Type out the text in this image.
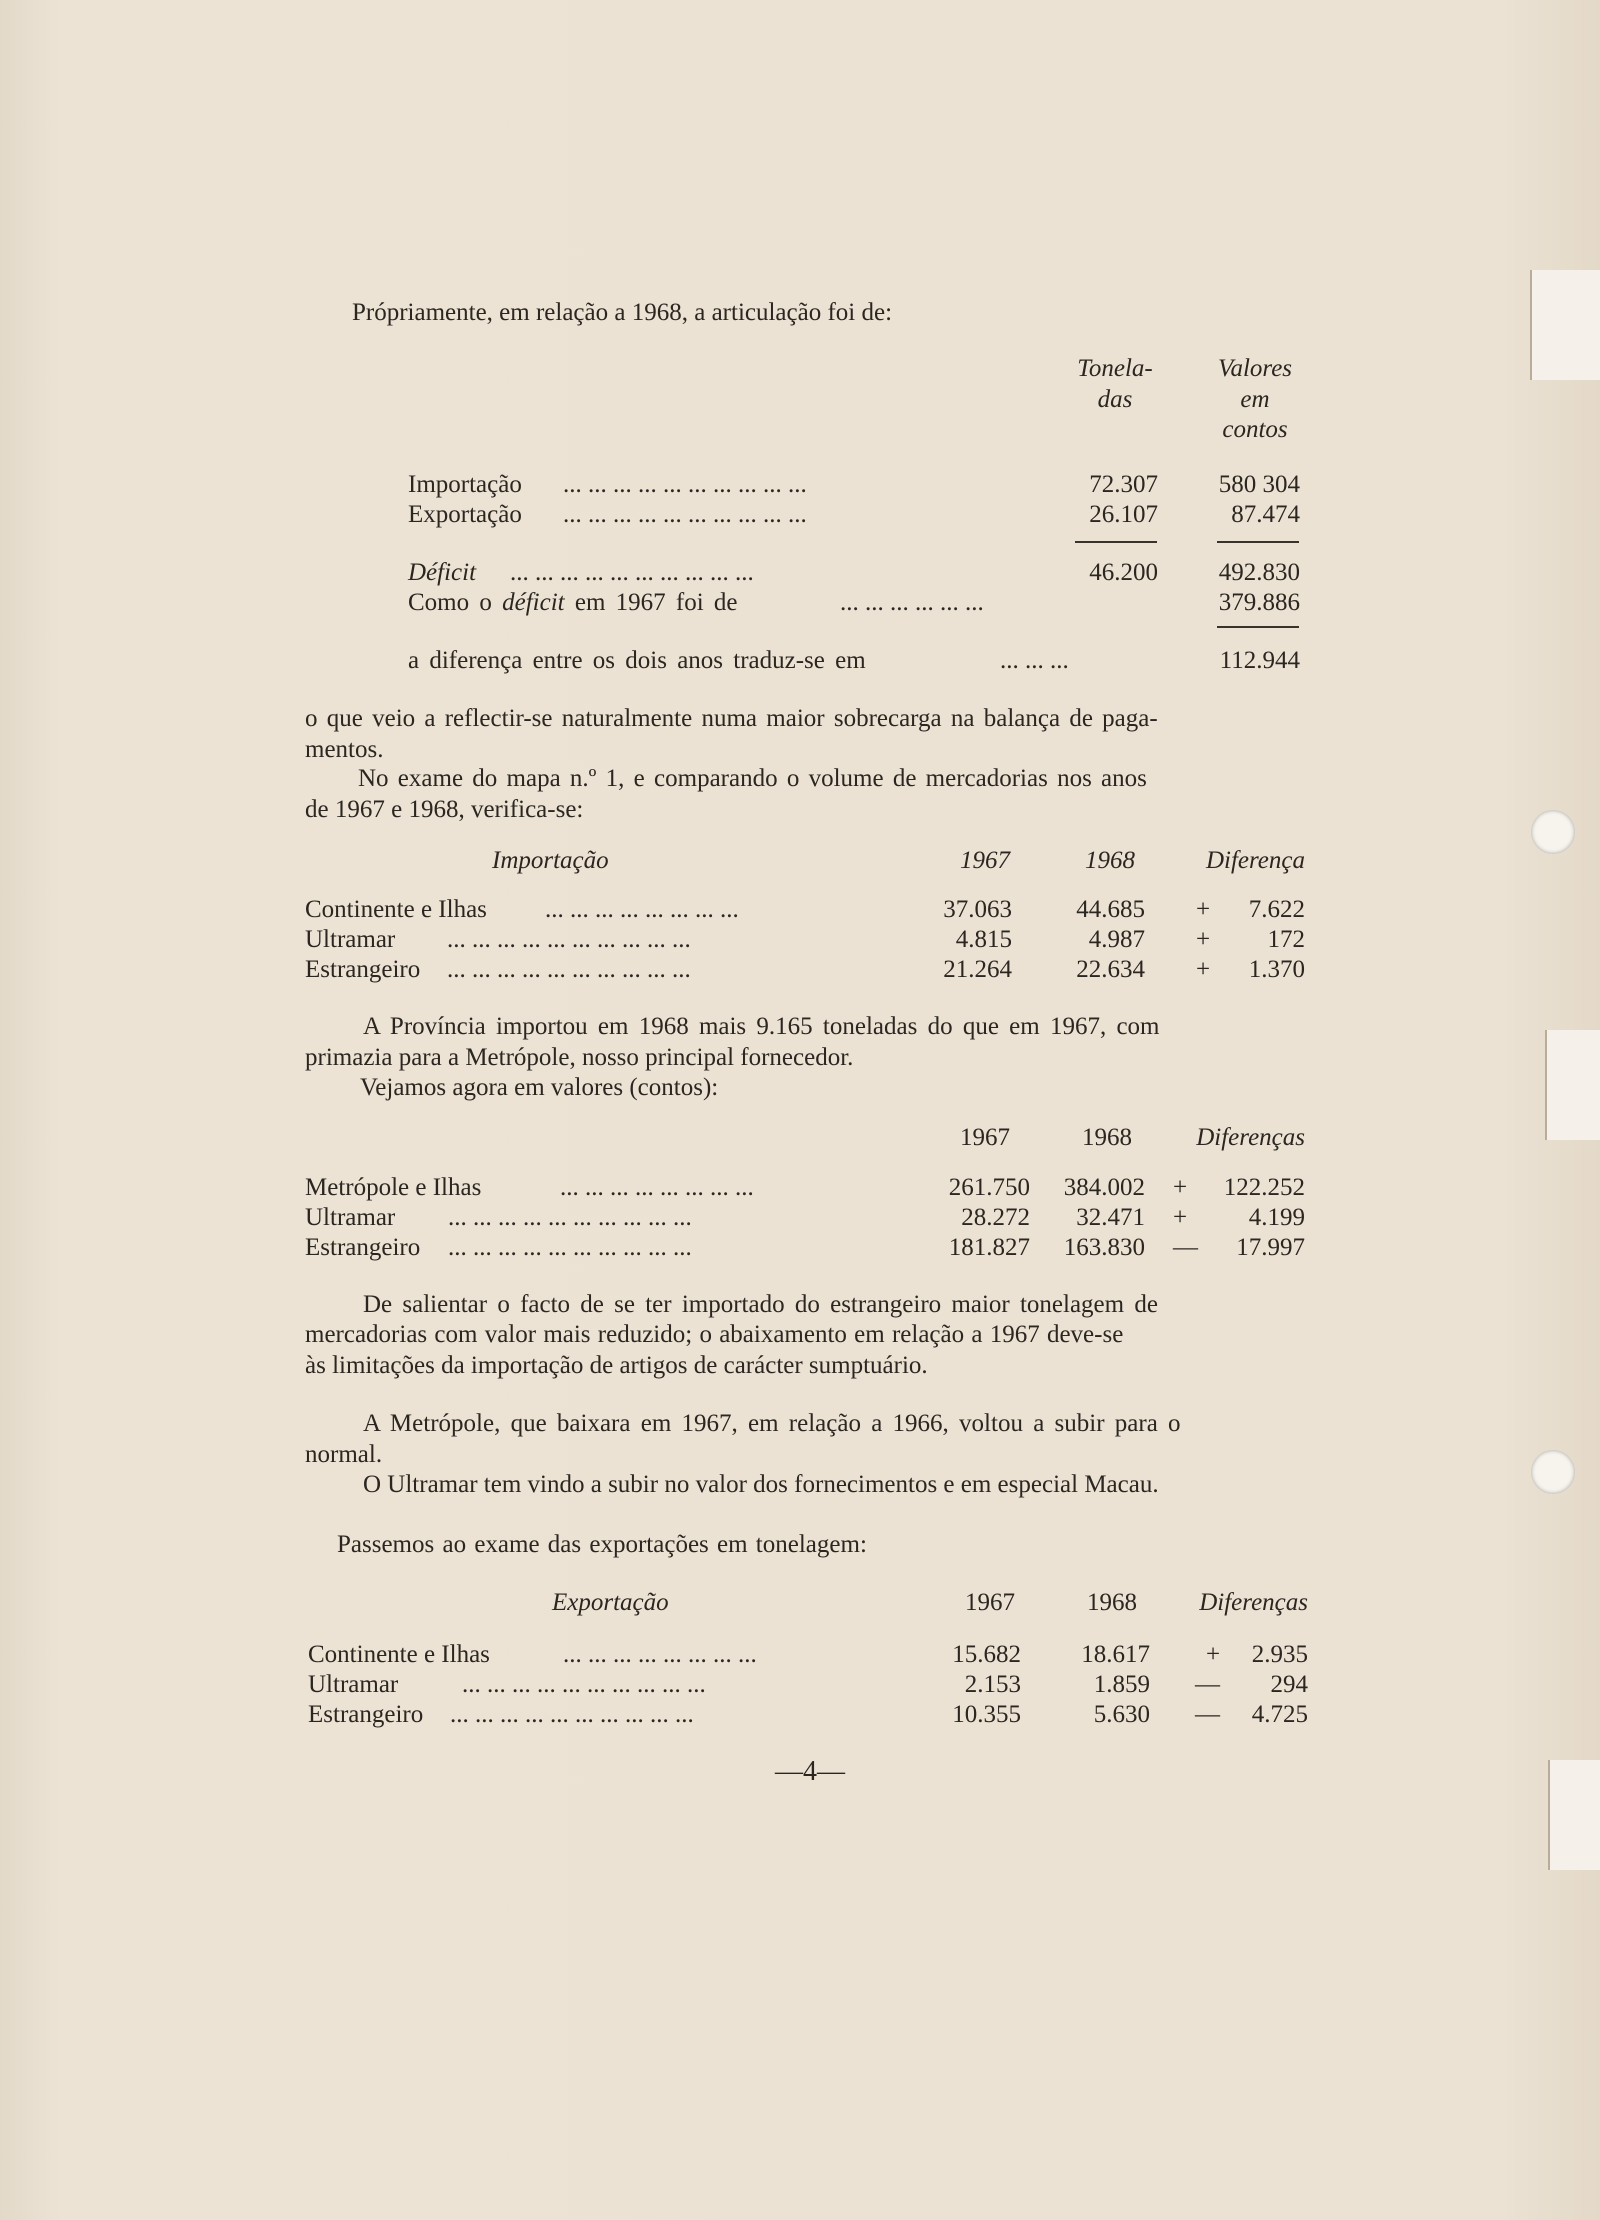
Própriamente, em relação a 1968, a articulação foi de:
Tonela-
das
Valores
em
contos
Importação ... ... ... ... ... ... ... ... ... ...	72.307	580 304
Exportação ... ... ... ... ... ... ... ... ... ...	26.107	87.474
Déficit ... ... ... ... ... ... ... ... ... ...	46.200	492.830
Como o déficit em 1967 foi de	... ... ... ... ... ...	379.886
a diferença entre os dois anos traduz-se em	... ... ...	112.944
o que veio a reflectir-se naturalmente numa maior sobrecarga na balança de paga-
mentos.
No exame do mapa n.º 1, e comparando o volume de mercadorias nos anos
de 1967 e 1968, verifica-se:
Importação	1967	1968	Diferença
Continente e Ilhas ... ... ... ... ... ... ... ...	37.063	44.685 +	7.622
Ultramar ... ... ... ... ... ... ... ... ... ...	4.815	4.987 +	172
Estrangeiro ... ... ... ... ... ... ... ... ... ...	21.264	22.634 +	1.370
A Província importou em 1968 mais 9.165 toneladas do que em 1967, com
primazia para a Metrópole, nosso principal fornecedor.
Vejamos agora em valores (contos):
1967	1968	Diferenças
Metrópole e Ilhas	... ... ... ... ... ... ... ...	261.750	384.002 +	122.252
Ultramar ... ... ... ... ... ... ... ... ... ...	28.272	32.471 +	4.199
Estrangeiro ... ... ... ... ... ... ... ... ... ...	181.827	163.830 —	17.997
De salientar o facto de se ter importado do estrangeiro maior tonelagem de
mercadorias com valor mais reduzido; o abaixamento em relação a 1967 deve-se
às limitações da importação de artigos de carácter sumptuário.
A Metrópole, que baixara em 1967, em relação a 1966, voltou a subir para o
normal.
O Ultramar tem vindo a subir no valor dos fornecimentos e em especial Macau.
Passemos ao exame das exportações em tonelagem:
Exportação	1967	1968	Diferenças
Continente e Ilhas	... ... ... ... ... ... ... ...	15.682	18.617 +	2.935
Ultramar	... ... ... ... ... ... ... ... ... ...	2.153	1.859 —	294
Estrangeiro ... ... ... ... ... ... ... ... ... ...	10.355	5.630 —	4.725
—4—
